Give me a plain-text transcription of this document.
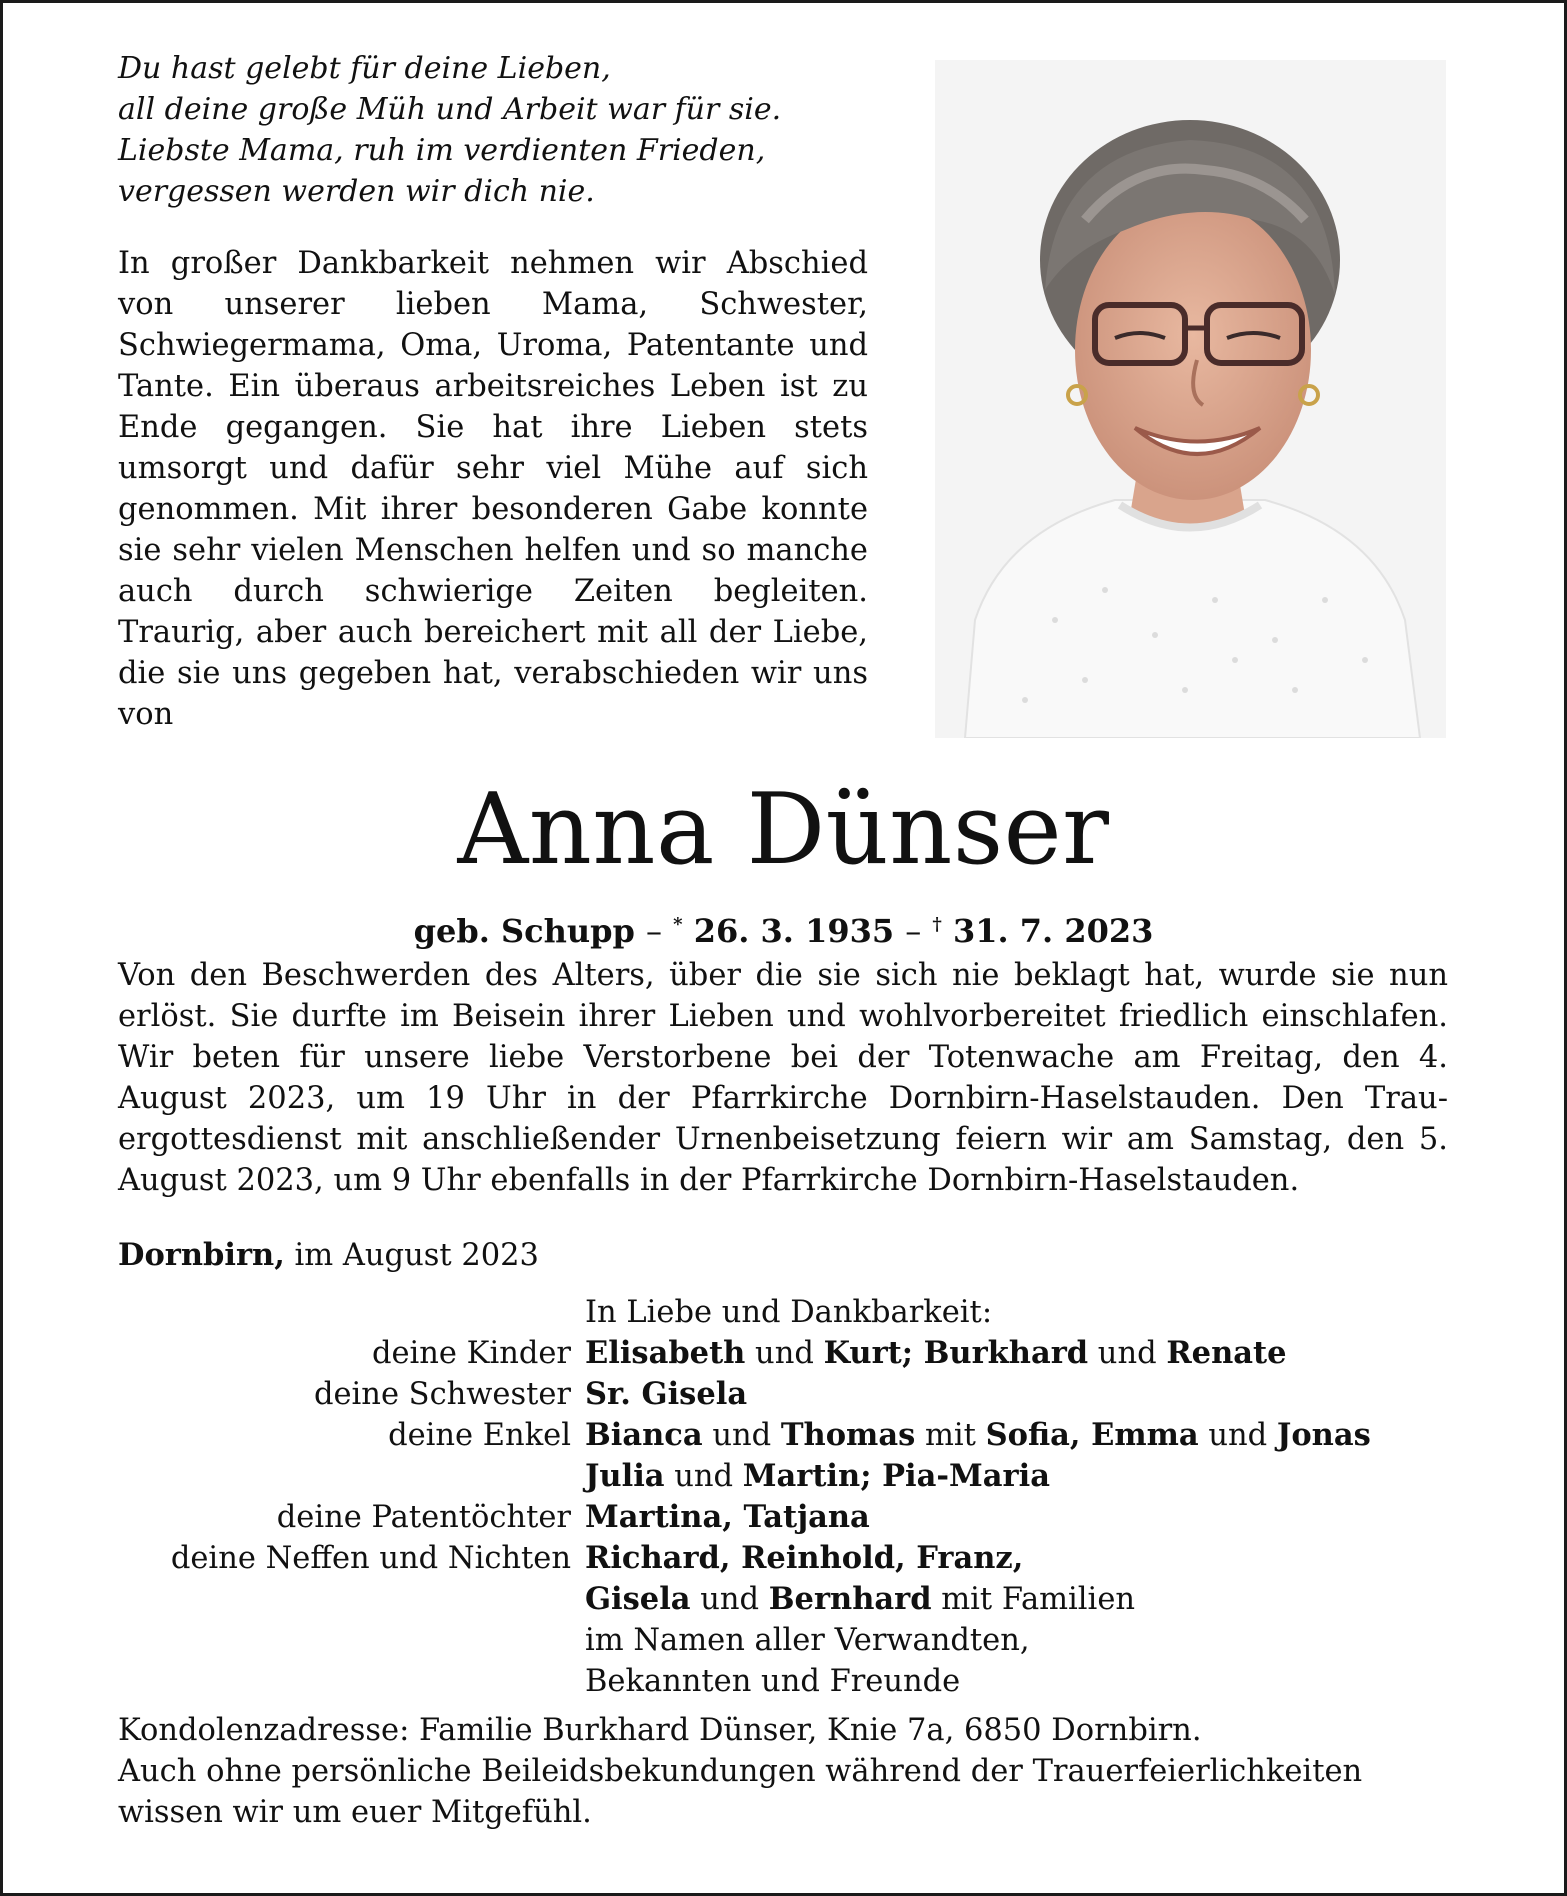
Du hast gelebt für deine Lieben,
all deine große Müh und Arbeit war für sie.
Liebste Mama, ruh im verdienten Frieden,
vergessen werden wir dich nie.
In großer Dankbarkeit nehmen wir Abschied von unserer lieben Mama, Schwester, Schwiegermama, Oma, Uroma, Patentante und Tante. Ein überaus arbeitsreiches Leben ist zu Ende gegangen. Sie hat ihre Lieben stets umsorgt und dafür sehr viel Mühe auf sich genommen. Mit ihrer besonderen Gabe konnte sie sehr vielen Menschen helfen und so manche auch durch schwierige Zeiten begleiten. Traurig, aber auch bereichert mit all der Liebe, die sie uns gegeben hat, verabschieden wir uns von
Anna Dünser
geb. Schupp – * 26. 3. 1935 – † 31. 7. 2023
Von den Beschwerden des Alters, über die sie sich nie beklagt hat, wurde sie nun erlöst. Sie durfte im Beisein ihrer Lieben und wohlvorbereitet friedlich einschlafen. Wir beten für unsere liebe Verstorbene bei der Totenwache am Freitag, den 4. August 2023, um 19 Uhr in der Pfarrkirche Dornbirn-Haselstauden. Den Trauergottesdienst mit anschließender Urnenbeisetzung feiern wir am Samstag, den 5. August 2023, um 9 Uhr ebenfalls in der Pfarrkirche Dornbirn-Haselstauden.
Dornbirn, im August 2023
In Liebe und Dankbarkeit:
deine Kinder Elisabeth und Kurt; Burkhard und Renate
deine Schwester Sr. Gisela
deine Enkel Bianca und Thomas mit Sofia, Emma und Jonas
Julia und Martin; Pia-Maria
deine Patentöchter Martina, Tatjana
deine Neffen und Nichten Richard, Reinhold, Franz,
Gisela und Bernhard mit Familien
im Namen aller Verwandten,
Bekannten und Freunde
Kondolenzadresse: Familie Burkhard Dünser, Knie 7a, 6850 Dornbirn.
Auch ohne persönliche Beileidsbekundungen während der Trauerfeierlichkeiten
wissen wir um euer Mitgefühl.
